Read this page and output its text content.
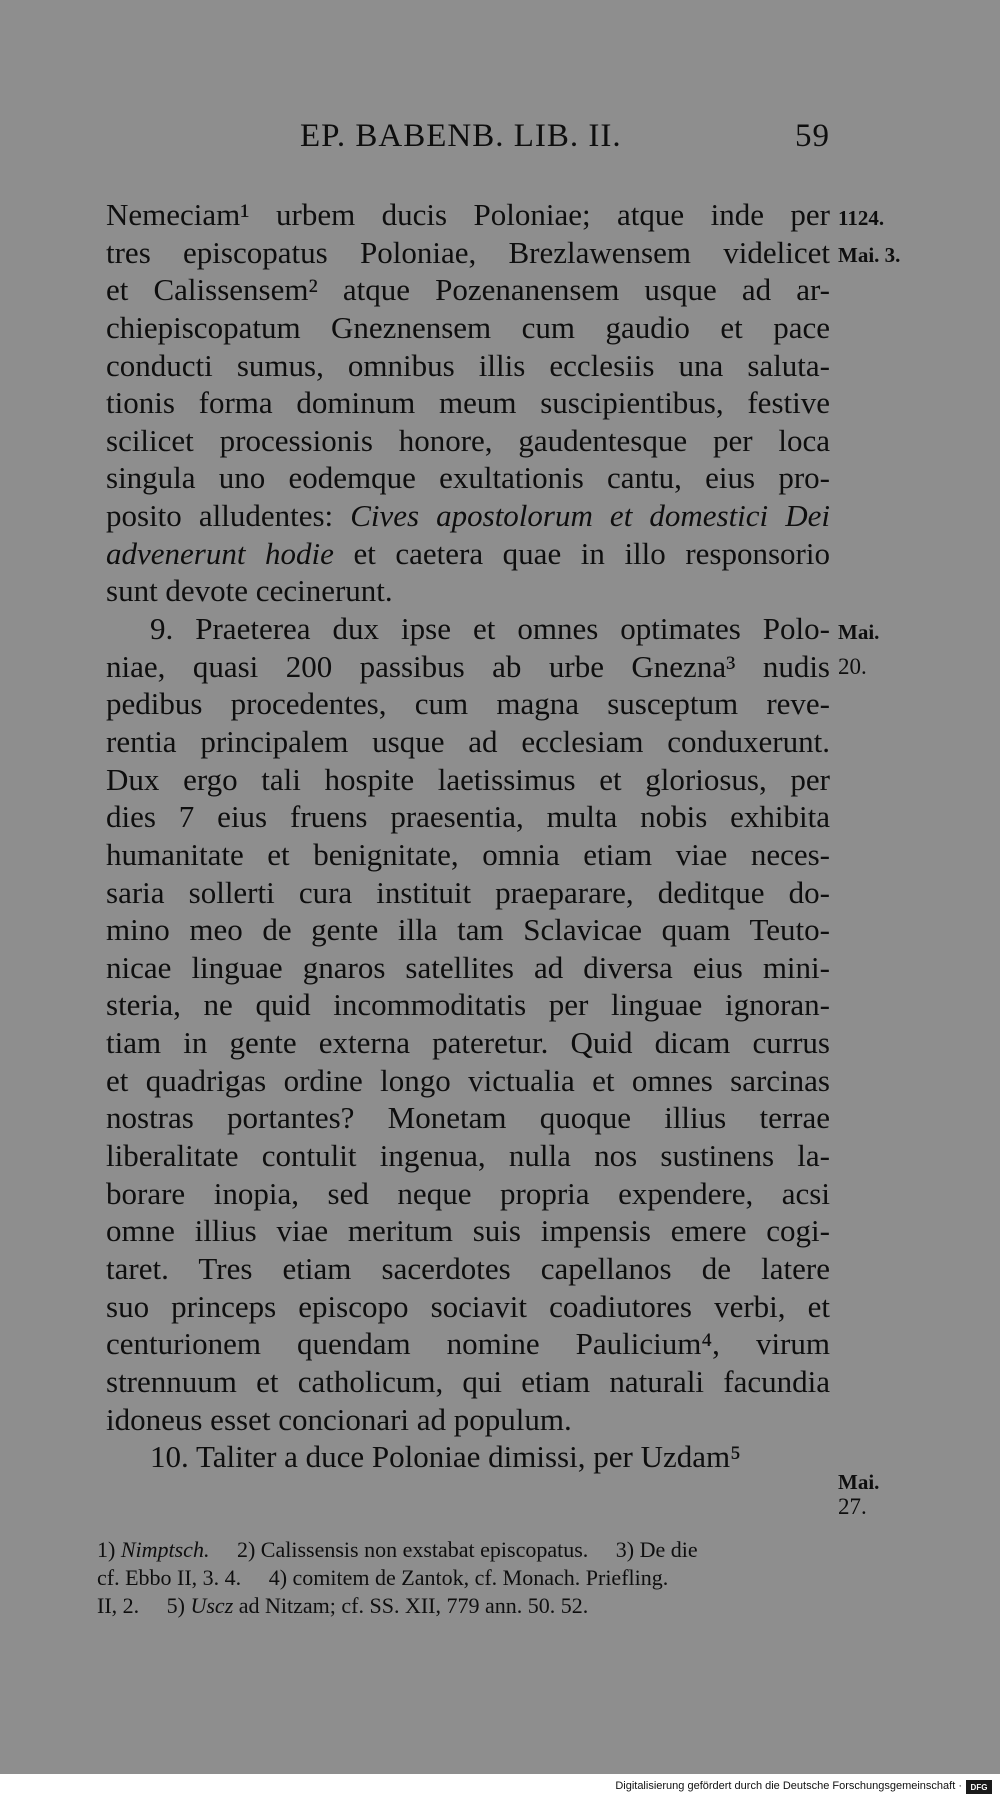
EP. BABENB. LIB. II.	59
Nemeciam¹ urbem ducis Poloniae; atque inde per
tres episcopatus Poloniae, Brezlawensem videlicet
et Calissensem² atque Pozenanensem usque ad ar-
chiepiscopatum Gneznensem cum gaudio et pace
conducti sumus, omnibus illis ecclesiis una saluta-
tionis forma dominum meum suscipientibus, festive
scilicet processionis honore, gaudentesque per loca
singula uno eodemque exultationis cantu, eius pro-
posito alludentes: Cives apostolorum et domestici Dei
advenerunt hodie et caetera quae in illo responsorio
sunt devote cecinerunt.
9. Praeterea dux ipse et omnes optimates Polo-
niae, quasi 200 passibus ab urbe Gnezna³ nudis
pedibus procedentes, cum magna susceptum reve-
rentia principalem usque ad ecclesiam conduxerunt.
Dux ergo tali hospite laetissimus et gloriosus, per
dies 7 eius fruens praesentia, multa nobis exhibita
humanitate et benignitate, omnia etiam viae neces-
saria sollerti cura instituit praeparare, deditque do-
mino meo de gente illa tam Sclavicae quam Teuto-
nicae linguae gnaros satellites ad diversa eius mini-
steria, ne quid incommoditatis per linguae ignoran-
tiam in gente externa pateretur. Quid dicam currus
et quadrigas ordine longo victualia et omnes sarcinas
nostras portantes? Monetam quoque illius terrae
liberalitate contulit ingenua, nulla nos sustinens la-
borare inopia, sed neque propria expendere, acsi
omne illius viae meritum suis impensis emere cogi-
taret. Tres etiam sacerdotes capellanos de latere
suo princeps episcopo sociavit coadiutores verbi, et
centurionem quendam nomine Paulicium⁴, virum
strennuum et catholicum, qui etiam naturali facundia
idoneus esset concionari ad populum.
10. Taliter a duce Poloniae dimissi, per Uzdam⁵
1124.
Mai. 3.
Mai.
20.
Mai.
27.
1) Nimptsch. 2) Calissensis non exstabat episcopatus. 3) De die
cf. Ebbo II, 3. 4. 4) comitem de Zantok, cf. Monach. Priefling.
II, 2. 5) Uscz ad Nitzam; cf. SS. XII, 779 ann. 50. 52.
Digitalisierung gefördert durch die Deutsche Forschungsgemeinschaft ·	DFG
